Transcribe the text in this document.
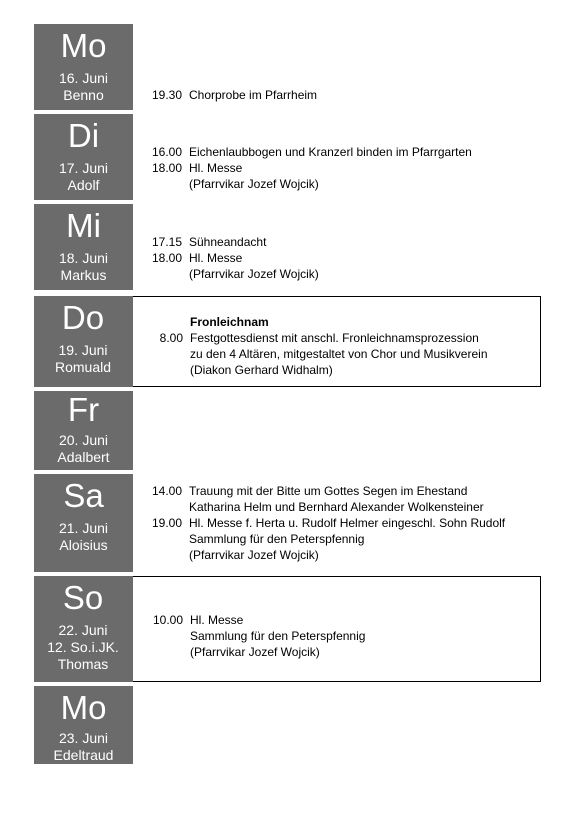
Mo
16. Juni
Benno	19.30 Chorprobe im Pfarrheim
Di
17. Juni
Adolf
16.00 Eichenlaubbogen und Kranzerl binden im Pfarrgarten
18.00 Hl. Messe
(Pfarrvikar Jozef Wojcik)
Mi
18. Juni
Markus
17.15 Sühneandacht
18.00 Hl. Messe
(Pfarrvikar Jozef Wojcik)
Do
19. Juni
Romuald
Fronleichnam
8.00 Festgottesdienst mit anschl. Fronleichnamsprozession
zu den 4 Altären, mitgestaltet von Chor und Musikverein
(Diakon Gerhard Widhalm)
Fr
20. Juni
Adalbert
Sa
21. Juni
Aloisius
14.00 Trauung mit der Bitte um Gottes Segen im Ehestand
Katharina Helm und Bernhard Alexander Wolkensteiner
19.00 Hl. Messe f. Herta u. Rudolf Helmer eingeschl. Sohn Rudolf
Sammlung für den Peterspfennig
(Pfarrvikar Jozef Wojcik)
So
22. Juni
12. So.i.JK.
Thomas
10.00 Hl. Messe
Sammlung für den Peterspfennig
(Pfarrvikar Jozef Wojcik)
Mo
23. Juni
Edeltraud
